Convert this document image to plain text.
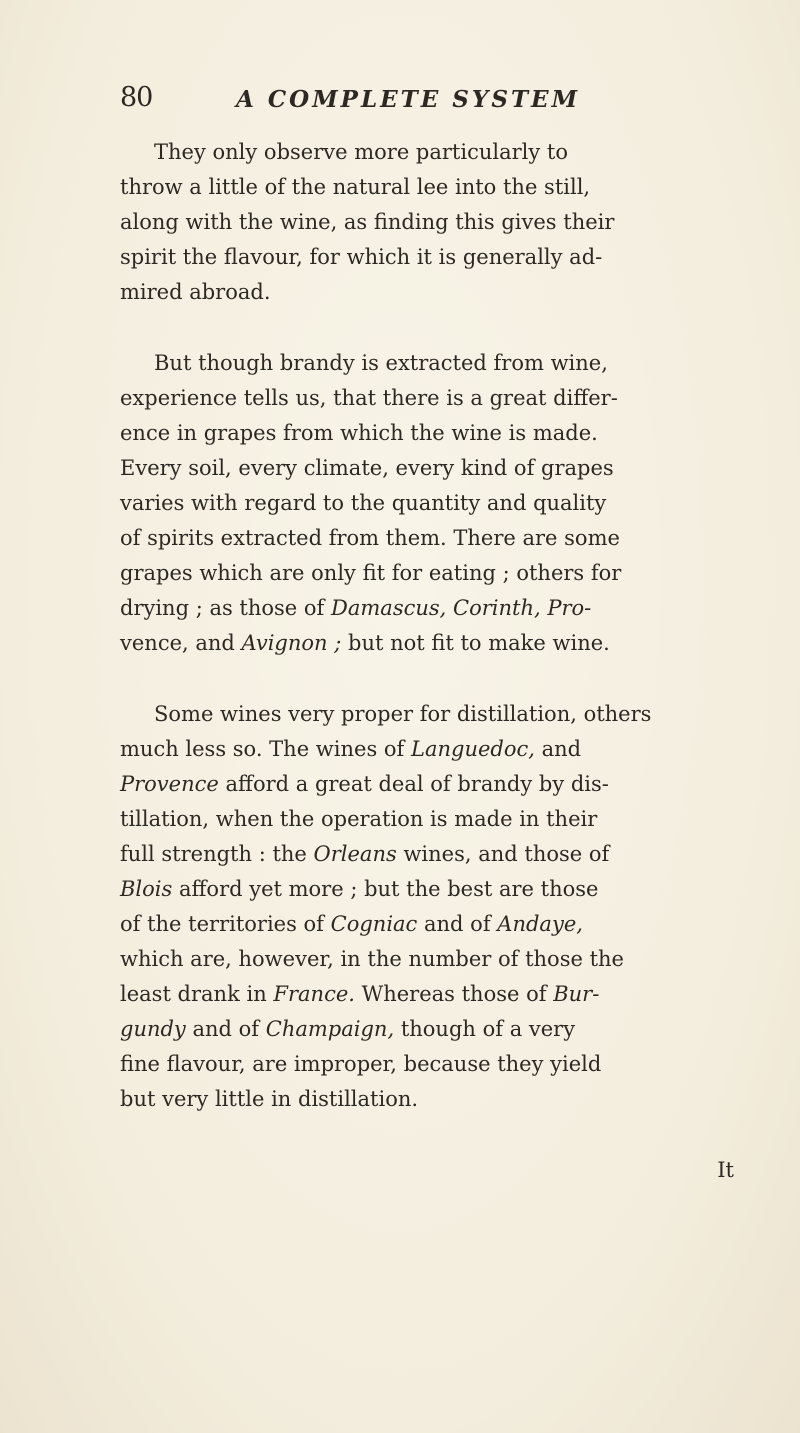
80	A COMPLETE SYSTEM
They only observe more particularly to
throw a little of the natural lee into the still,
along with the wine, as finding this gives their
spirit the flavour, for which it is generally ad-
mired abroad.
But though brandy is extracted from wine,
experience tells us, that there is a great differ-
ence in grapes from which the wine is made.
Every soil, every climate, every kind of grapes
varies with regard to the quantity and quality
of spirits extracted from them. There are some
grapes which are only fit for eating ; others for
drying ; as those of Damascus, Corinth, Pro-
vence, and Avignon ; but not fit to make wine.
Some wines very proper for distillation, others
much less so. The wines of Languedoc, and
Provence afford a great deal of brandy by dis-
tillation, when the operation is made in their
full strength : the Orleans wines, and those of
Blois afford yet more ; but the best are those
of the territories of Cogniac and of Andaye,
which are, however, in the number of those the
least drank in France. Whereas those of Bur-
gundy and of Champaign, though of a very
fine flavour, are improper, because they yield
but very little in distillation.
It
